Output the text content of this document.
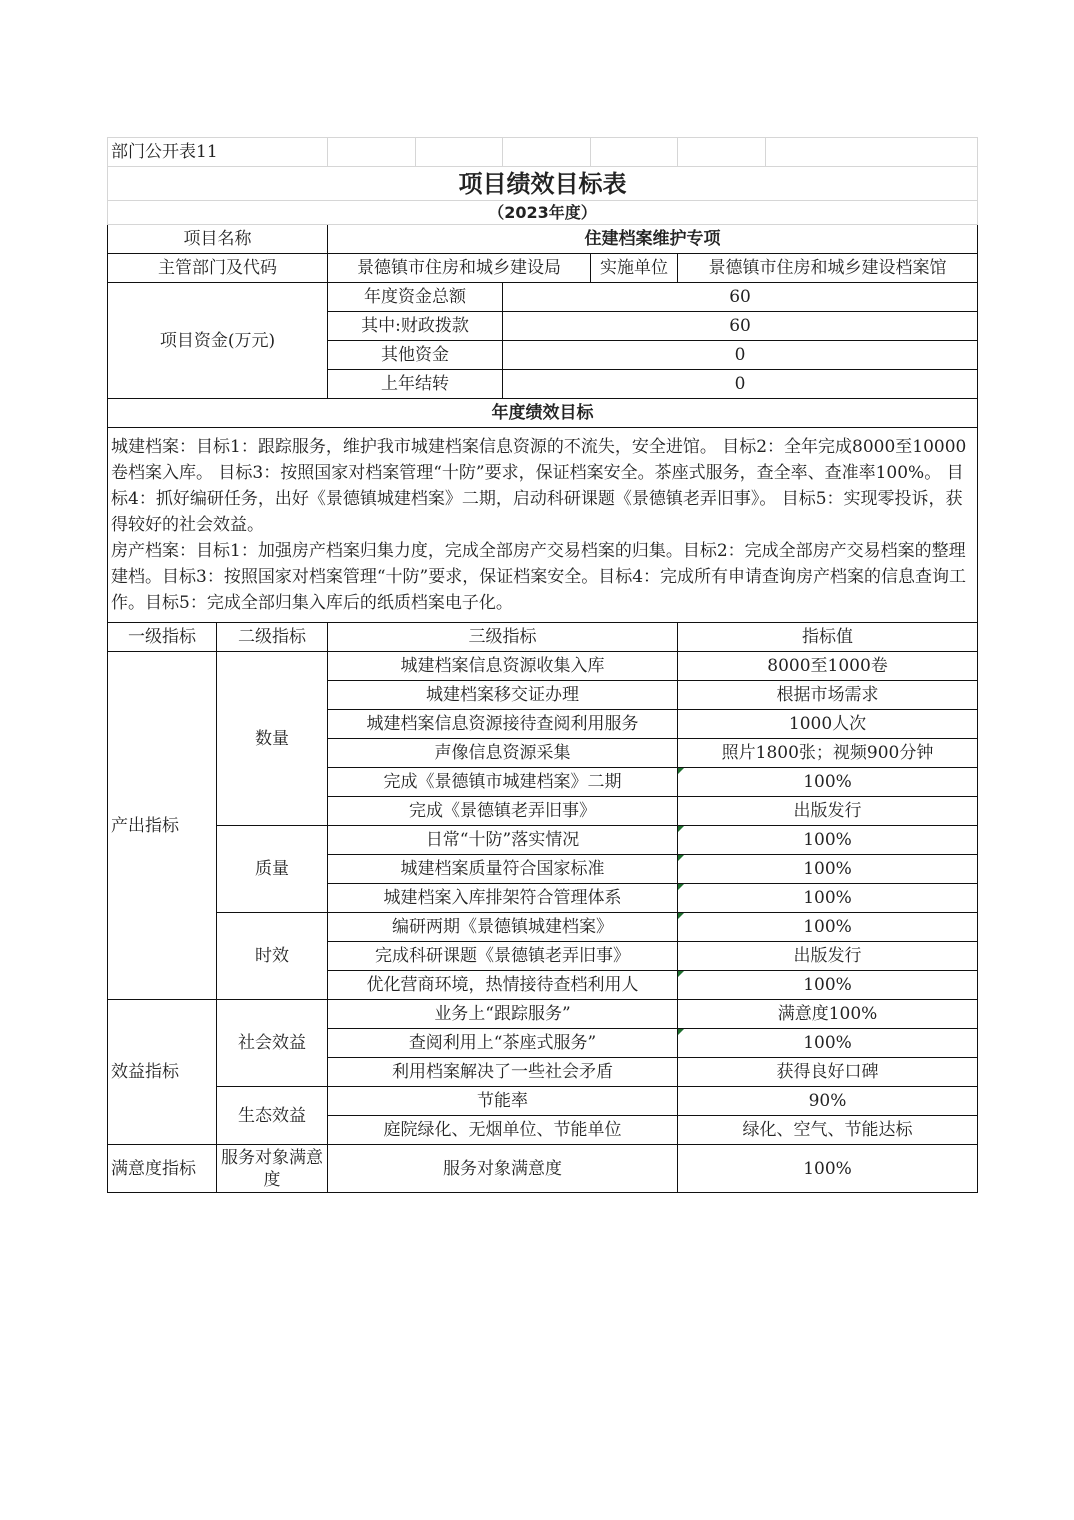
部门公开表11							
项目绩效目标表							
（2023年度）							
项目名称		住建档案维护专项					
主管部门及代码		景德镇市住房和城乡建设局			实施单位	景德镇市住房和城乡建设档案馆	
项目资金(万元)		年度资金总额		60			
		其中:财政拨款		60			
		其他资金		0			
		上年结转		0			
年度绩效目标							

城建档案：目标1：跟踪服务，维护我市城建档案信息资源的不流失，安全进馆。 目标2：全年完成8000至10000卷档案入库。 目标3：按照国家对档案管理“十防”要求，保证档案安全。茶座式服务，查全率、查准率100%。 目标4：抓好编研任务，出好《景德镇城建档案》二期，启动科研课题《景德镇老弄旧事》。 目标5：实现零投诉，获得较好的社会效益。

房产档案：目标1：加强房产档案归集力度，完成全部房产交易档案的归集。目标2：完成全部房产交易档案的整理建档。目标3：按照国家对档案管理“十防”要求，保证档案安全。目标4：完成所有申请查询房产档案的信息查询工作。目标5：完成全部归集入库后的纸质档案电子化。							

一级指标	二级指标	三级指标				指标值	
产出指标	数量	城建档案信息资源收集入库				8000至1000卷	
		城建档案移交证办理				根据市场需求	
		城建档案信息资源接待查阅利用服务				1000人次	
		声像信息资源采集				照片1800张；视频900分钟	
		完成《景德镇市城建档案》二期				100%	
		完成《景德镇老弄旧事》				出版发行	
	质量	日常“十防”落实情况				100%	
		城建档案质量符合国家标准				100%	
		城建档案入库排架符合管理体系				100%	
	时效	编研两期《景德镇城建档案》				100%	
		完成科研课题《景德镇老弄旧事》				出版发行	
		优化营商环境，热情接待查档利用人				100%	
效益指标	社会效益	业务上“跟踪服务”				满意度100%	
		查阅利用上“茶座式服务”				100%	
		利用档案解决了一些社会矛盾				获得良好口碑	
	生态效益	节能率				90%	
		庭院绿化、无烟单位、节能单位				绿化、空气、节能达标	
满意度指标	服务对象满意度	服务对象满意度				100%	
